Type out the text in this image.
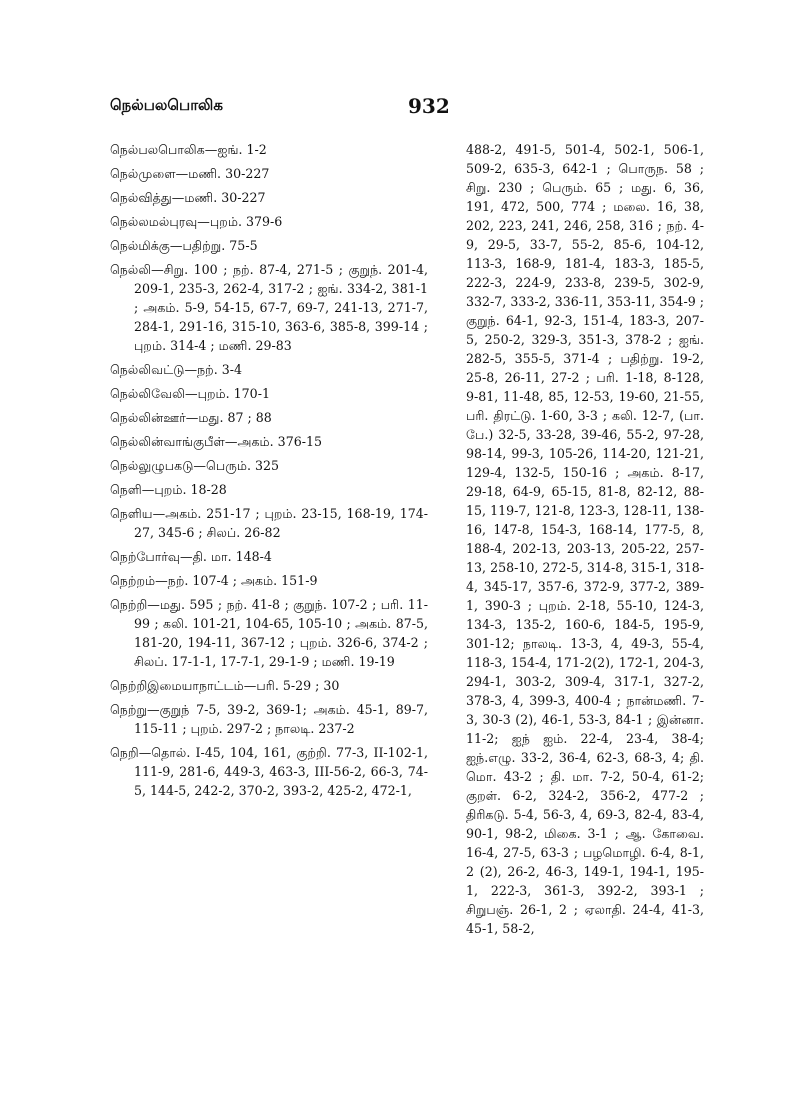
நெல்பலபொலிக	932

நெல்பலபொலிக—ஐங். 1-2

நெல்முளை—மணி. 30-227

நெல்வித்து—மணி. 30-227

நெல்லமல்புரவு—புறம். 379-6

நெல்மிக்கு—பதிற்று. 75-5

நெல்லி—சிறு. 100 ; நற். 87-4, 271-5 ; குறுந். 201-4, 209-1, 235-3, 262-4, 317-2 ; ஐங். 334-2, 381-1 ; அகம். 5-9, 54-15, 67-7, 69-7, 241-13, 271-7, 284-1, 291-16, 315-10, 363-6, 385-8, 399-14 ; புறம். 314-4 ; மணி. 29-83

நெல்லிவட்டு—நற். 3-4

நெல்லிவேலி—புறம். 170-1

நெல்லின்ஊர்—மது. 87 ; 88

நெல்லின்வாங்குபீள்—அகம். 376-15

நெல்லுழுபகடு—பெரும். 325

நெளி—புறம். 18-28

நெளிய—அகம். 251-17 ; புறம். 23-15, 168-19, 174-27, 345-6 ; சிலப். 26-82

நெற்போர்வு—தி. மா. 148-4

நெற்றம்—நற். 107-4 ; அகம். 151-9

நெற்றி—மது. 595 ; நற். 41-8 ; குறுந். 107-2 ; பரி. 11-99 ; கலி. 101-21, 104-65, 105-10 ; அகம். 87-5, 181-20, 194-11, 367-12 ; புறம். 326-6, 374-2 ; சிலப். 17-1-1, 17-7-1, 29-1-9 ; மணி. 19-19

நெற்றிஇமையாநாட்டம்—பரி. 5-29 ; 30

நெற்று—குறுந் 7-5, 39-2, 369-1; அகம். 45-1, 89-7, 115-11 ; புறம். 297-2 ; நாலடி. 237-2

நெறி—தொல். I-45, 104, 161, குற்றி. 77-3, II-102-1, 111-9, 281-6, 449-3, 463-3, III-56-2, 66-3, 74-5, 144-5, 242-2, 370-2, 393-2, 425-2, 472-1,

488-2, 491-5, 501-4, 502-1, 506-1, 509-2, 635-3, 642-1 ; பொருந. 58 ; சிறு. 230 ; பெரும். 65 ; மது. 6, 36, 191, 472, 500, 774 ; மலை. 16, 38, 202, 223, 241, 246, 258, 316 ; நற். 4-9, 29-5, 33-7, 55-2, 85-6, 104-12, 113-3, 168-9, 181-4, 183-3, 185-5, 222-3, 224-9, 233-8, 239-5, 302-9, 332-7, 333-2, 336-11, 353-11, 354-9 ; குறுந். 64-1, 92-3, 151-4, 183-3, 207-5, 250-2, 329-3, 351-3, 378-2 ; ஐங். 282-5, 355-5, 371-4 ; பதிற்று. 19-2, 25-8, 26-11, 27-2 ; பரி. 1-18, 8-128, 9-81, 11-48, 85, 12-53, 19-60, 21-55, பரி. திரட்டு. 1-60, 3-3 ; கலி. 12-7, (பா. பே.) 32-5, 33-28, 39-46, 55-2, 97-28, 98-14, 99-3, 105-26, 114-20, 121-21, 129-4, 132-5, 150-16 ; அகம். 8-17, 29-18, 64-9, 65-15, 81-8, 82-12, 88-15, 119-7, 121-8, 123-3, 128-11, 138-16, 147-8, 154-3, 168-14, 177-5, 8, 188-4, 202-13, 203-13, 205-22, 257-13, 258-10, 272-5, 314-8, 315-1, 318-4, 345-17, 357-6, 372-9, 377-2, 389-1, 390-3 ; புறம். 2-18, 55-10, 124-3, 134-3, 135-2, 160-6, 184-5, 195-9, 301-12; நாலடி. 13-3, 4, 49-3, 55-4, 118-3, 154-4, 171-2(2), 172-1, 204-3, 294-1, 303-2, 309-4, 317-1, 327-2, 378-3, 4, 399-3, 400-4 ; நான்மணி. 7-3, 30-3 (2), 46-1, 53-3, 84-1 ; இன்னா. 11-2; ஐந் ஐம். 22-4, 23-4, 38-4; ஐந்.எழு. 33-2, 36-4, 62-3, 68-3, 4; தி. மொ. 43-2 ; தி. மா. 7-2, 50-4, 61-2; குறள். 6-2, 324-2, 356-2, 477-2 ; திரிகடு. 5-4, 56-3, 4, 69-3, 82-4, 83-4, 90-1, 98-2, மிகை. 3-1 ; ஆ. கோவை. 16-4, 27-5, 63-3 ; பழமொழி. 6-4, 8-1, 2 (2), 26-2, 46-3, 149-1, 194-1, 195-1, 222-3, 361-3, 392-2, 393-1 ; சிறுபஞ். 26-1, 2 ; ஏலாதி. 24-4, 41-3, 45-1, 58-2,
